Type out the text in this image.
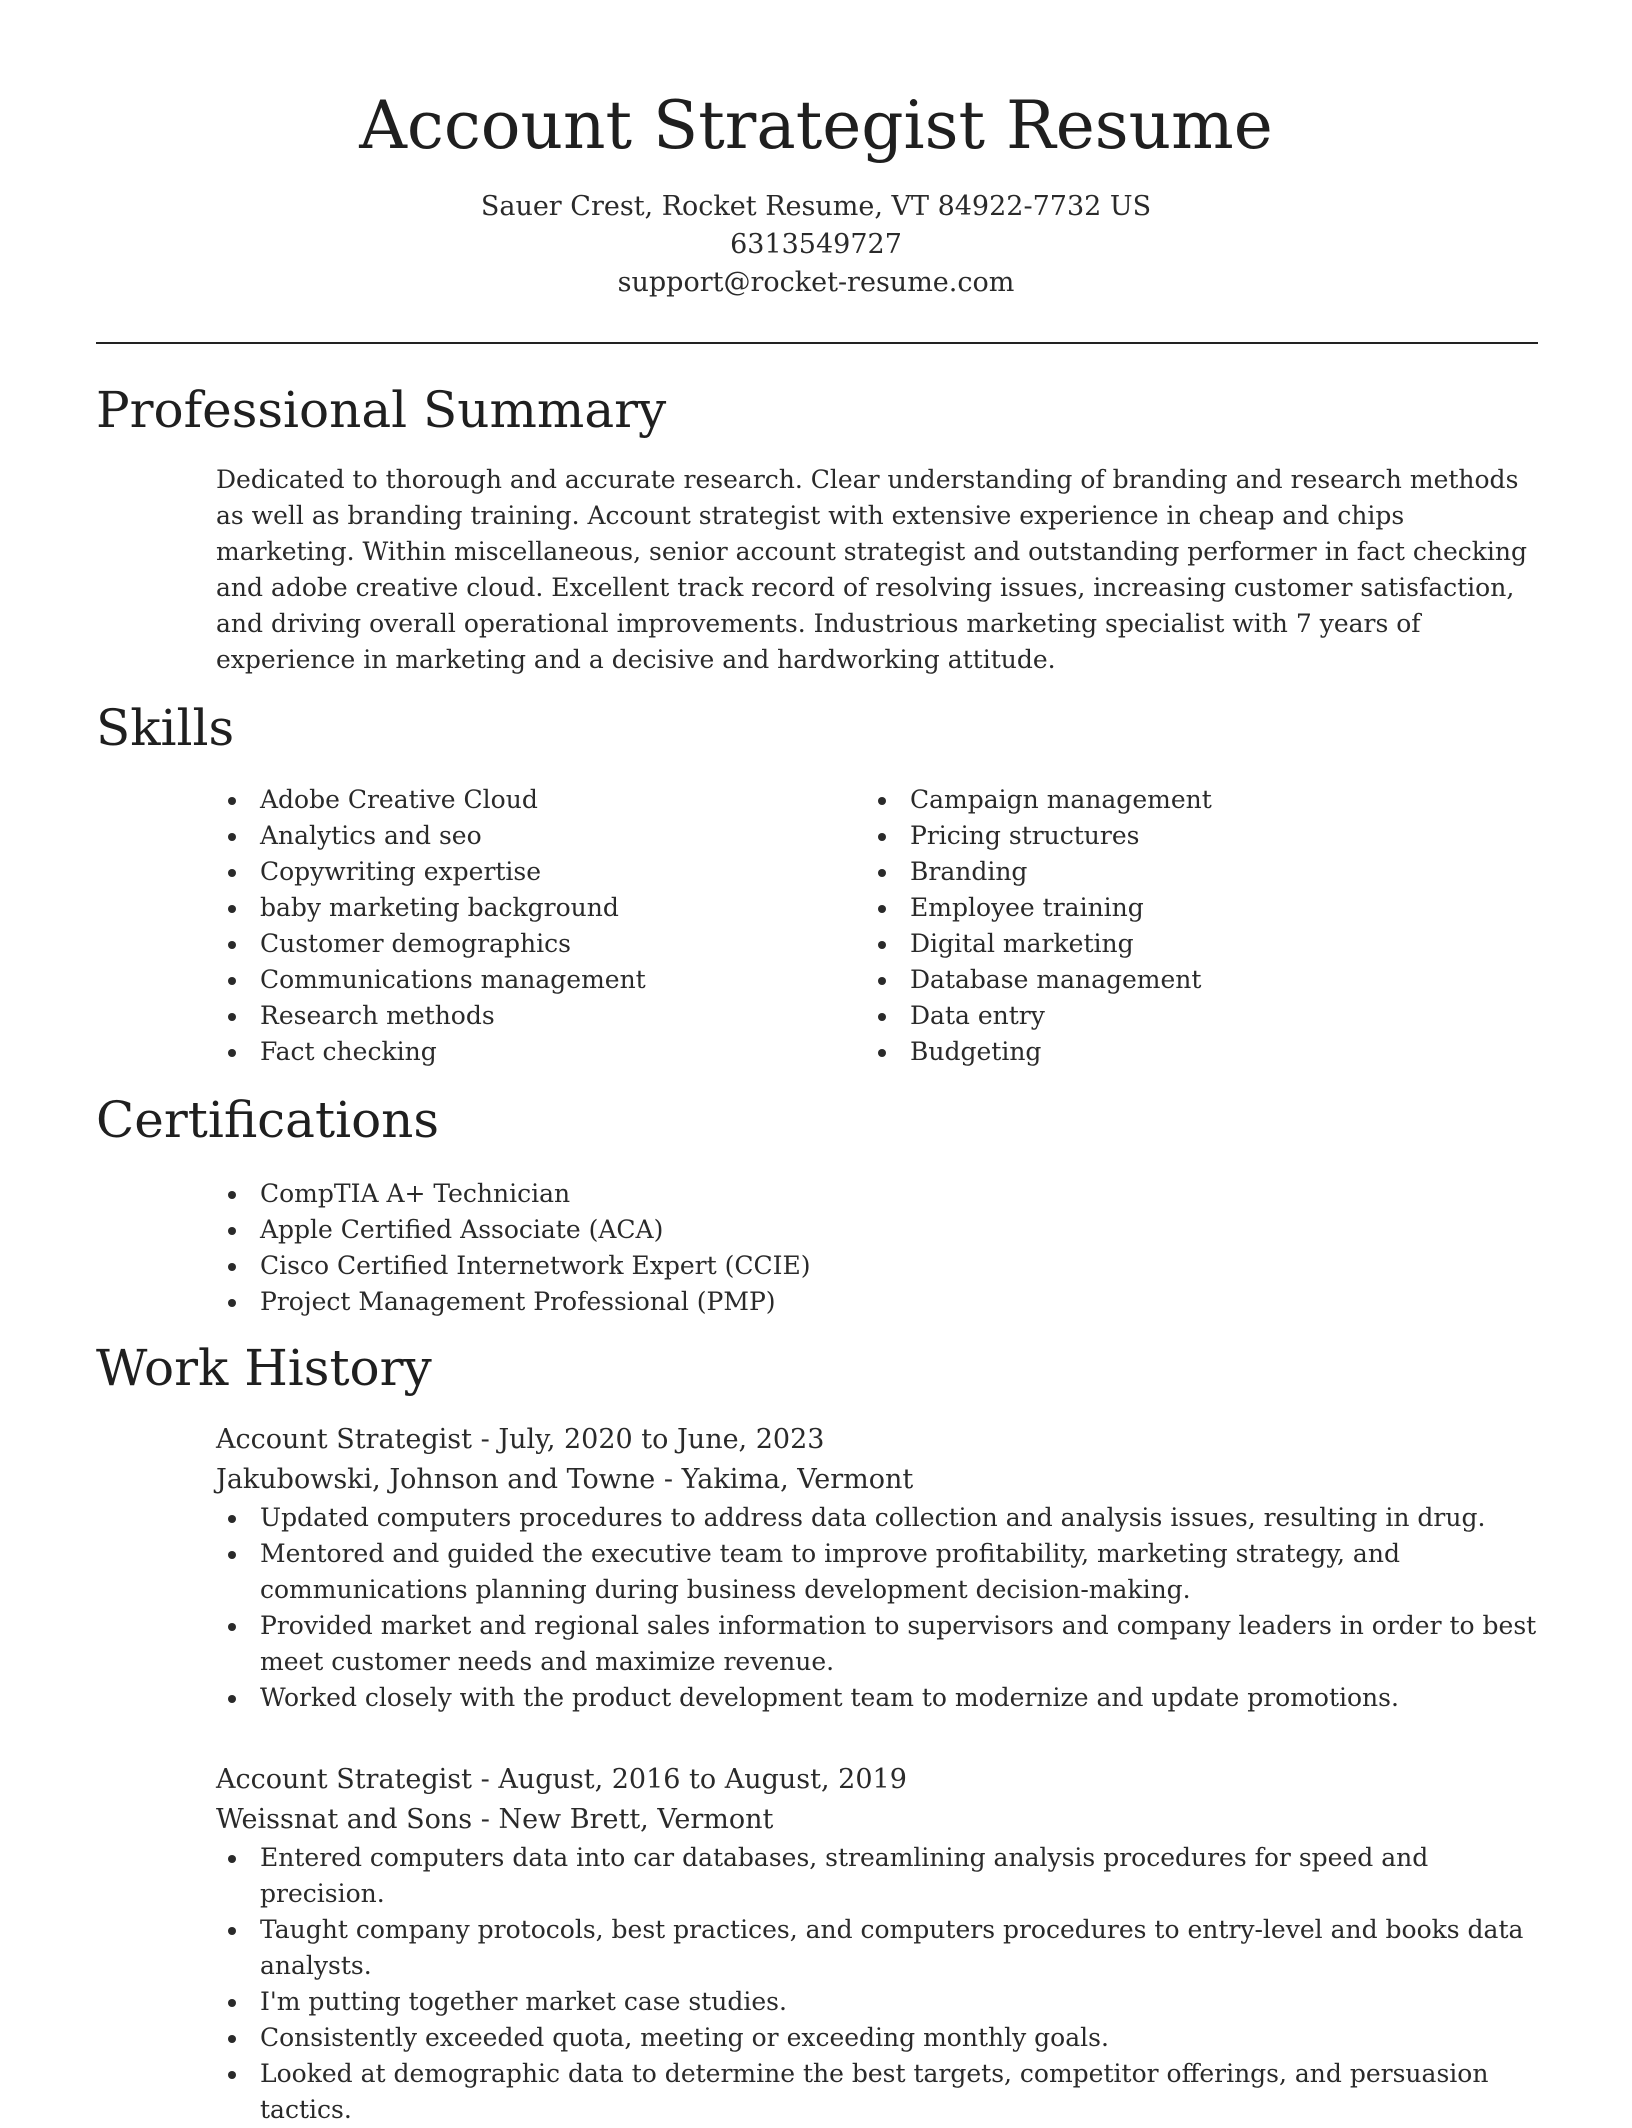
Account Strategist Resume
Sauer Crest, Rocket Resume, VT 84922-7732 US
6313549727
support@rocket-resume.com
Professional Summary

Dedicated to thorough and accurate research. Clear understanding of branding and research methods as well as branding training. Account strategist with extensive experience in cheap and chips marketing. Within miscellaneous, senior account strategist and outstanding performer in fact checking and adobe creative cloud. Excellent track record of resolving issues, increasing customer satisfaction, and driving overall operational improvements. Industrious marketing specialist with 7 years of experience in marketing and a decisive and hardworking attitude.

Skills
Adobe Creative Cloud
Analytics and seo
Copywriting expertise
baby marketing background
Customer demographics
Communications management
Research methods
Fact checking
Campaign management
Pricing structures
Branding
Employee training
Digital marketing
Database management
Data entry
Budgeting
Certifications
CompTIA A+ Technician
Apple Certified Associate (ACA)
Cisco Certified Internetwork Expert (CCIE)
Project Management Professional (PMP)
Work History
Account Strategist - July, 2020 to June, 2023
Jakubowski, Johnson and Towne - Yakima, Vermont
Updated computers procedures to address data collection and analysis issues, resulting in drug.
Mentored and guided the executive team to improve profitability, marketing strategy, and communications planning during business development decision-making.
Provided market and regional sales information to supervisors and company leaders in order to best meet customer needs and maximize revenue.
Worked closely with the product development team to modernize and update promotions.
Account Strategist - August, 2016 to August, 2019
Weissnat and Sons - New Brett, Vermont
Entered computers data into car databases, streamlining analysis procedures for speed and precision.
Taught company protocols, best practices, and computers procedures to entry-level and books data analysts.
I'm putting together market case studies.
Consistently exceeded quota, meeting or exceeding monthly goals.
Looked at demographic data to determine the best targets, competitor offerings, and persuasion tactics.
